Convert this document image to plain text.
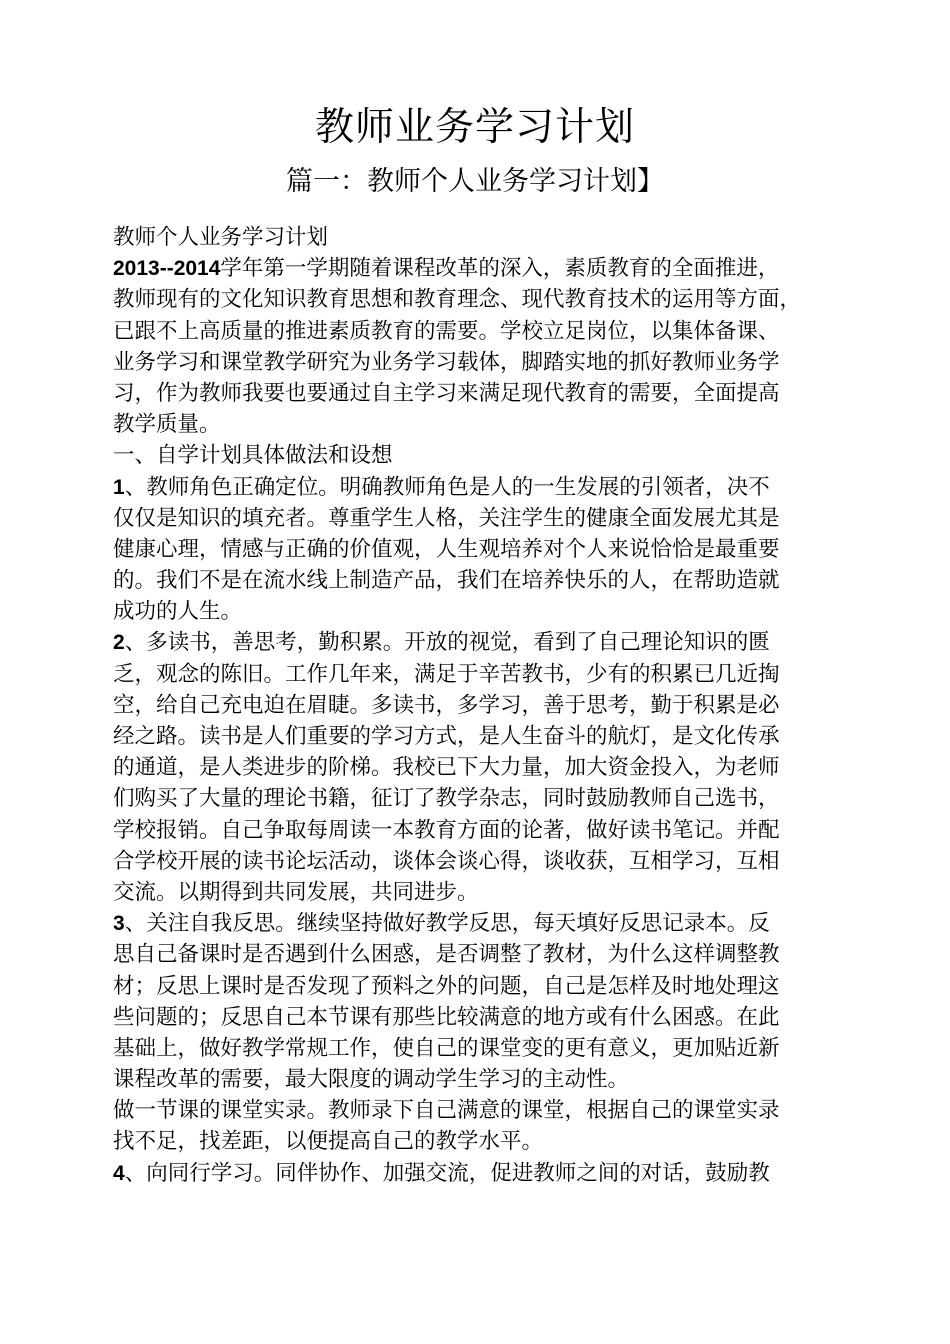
教师业务学习计划
篇一：教师个人业务学习计划】
教师个人业务学习计划
2013--2014学年第一学期随着课程改革的深入，素质教育的全面推进，
教师现有的文化知识教育思想和教育理念、现代教育技术的运用等方面，
已跟不上高质量的推进素质教育的需要。学校立足岗位，以集体备课、
业务学习和课堂教学研究为业务学习载体，脚踏实地的抓好教师业务学
习，作为教师我要也要通过自主学习来满足现代教育的需要，全面提高
教学质量。
一、自学计划具体做法和设想
1、教师角色正确定位。明确教师角色是人的一生发展的引领者，决不
仅仅是知识的填充者。尊重学生人格，关注学生的健康全面发展尤其是
健康心理，情感与正确的价值观，人生观培养对个人来说恰恰是最重要
的。我们不是在流水线上制造产品，我们在培养快乐的人，在帮助造就
成功的人生。
2、多读书，善思考，勤积累。开放的视觉，看到了自己理论知识的匮
乏，观念的陈旧。工作几年来，满足于辛苦教书，少有的积累已几近掏
空，给自己充电迫在眉睫。多读书，多学习，善于思考，勤于积累是必
经之路。读书是人们重要的学习方式，是人生奋斗的航灯，是文化传承
的通道，是人类进步的阶梯。我校已下大力量，加大资金投入，为老师
们购买了大量的理论书籍，征订了教学杂志，同时鼓励教师自己选书，
学校报销。自己争取每周读一本教育方面的论著，做好读书笔记。并配
合学校开展的读书论坛活动，谈体会谈心得，谈收获，互相学习，互相
交流。以期得到共同发展，共同进步。
3、关注自我反思。继续坚持做好教学反思，每天填好反思记录本。反
思自己备课时是否遇到什么困惑，是否调整了教材，为什么这样调整教
材；反思上课时是否发现了预料之外的问题，自己是怎样及时地处理这
些问题的；反思自己本节课有那些比较满意的地方或有什么困惑。在此
基础上，做好教学常规工作，使自己的课堂变的更有意义，更加贴近新
课程改革的需要，最大限度的调动学生学习的主动性。
做一节课的课堂实录。教师录下自己满意的课堂，根据自己的课堂实录
找不足，找差距，以便提高自己的教学水平。
4、向同行学习。同伴协作、加强交流，促进教师之间的对话，鼓励教
